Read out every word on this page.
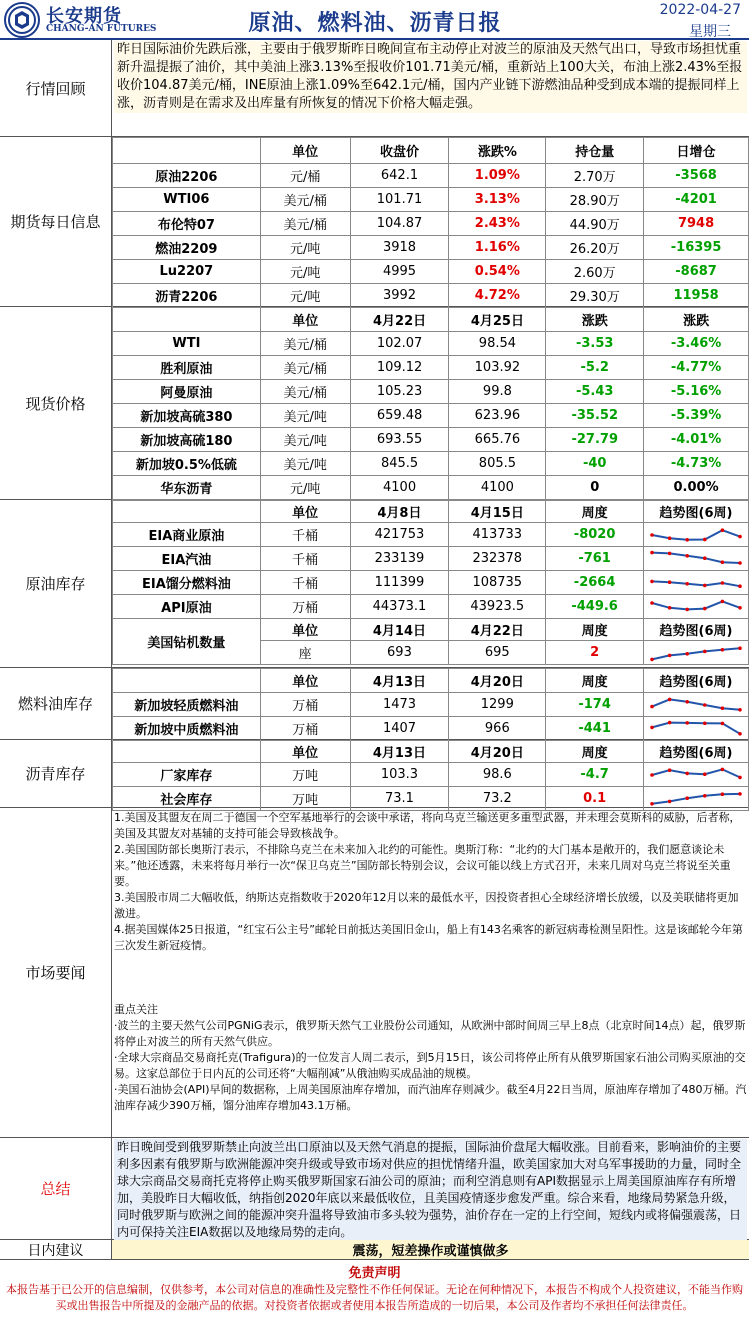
长安期货
CHANG-AN FUTURES	原油、燃料油、沥青日报
2022-04-27
星期三
行情回顾
昨日国际油价先跌后涨，主要由于俄罗斯昨日晚间宣布主动停止对波兰的原油及天然气出口，导致市场担忧重新升温提振了油价，其中美油上涨3.13%至报收价101.71美元/桶，重新站上100大关，布油上涨2.43%至报收价104.87美元/桶，INE原油上涨1.09%至642.1元/桶，国内产业链下游燃油品种受到成本端的提振同样上涨，沥青则是在需求及出库量有所恢复的情况下价格大幅走强。
期货每日信息
	单位	收盘价	涨跌%	持仓量	日增仓
原油2206	元/桶	642.1	1.09%	2.70万	-3568
WTI06	美元/桶	101.71	3.13%	28.90万	-4201
布伦特07	美元/桶	104.87	2.43%	44.90万	7948
燃油2209	元/吨	3918	1.16%	26.20万	-16395
Lu2207	元/吨	4995	0.54%	2.60万	-8687
沥青2206	元/吨	3992	4.72%	29.30万	11958
现货价格
	单位	4月22日	4月25日	涨跌	涨跌
WTI	美元/桶	102.07	98.54	-3.53	-3.46%
胜利原油	美元/桶	109.12	103.92	-5.2	-4.77%
阿曼原油	美元/桶	105.23	99.8	-5.43	-5.16%
新加坡高硫380	美元/吨	659.48	623.96	-35.52	-5.39%
新加坡高硫180	美元/吨	693.55	665.76	-27.79	-4.01%
新加坡0.5%低硫	美元/吨	845.5	805.5	-40	-4.73%
华东沥青	元/吨	4100	4100	0	0.00%
原油库存
	单位	4月8日	4月15日	周度	趋势图(6周)
EIA商业原油	千桶	421753	413733	-8020	

EIA汽油	千桶	233139	232378	-761	

EIA馏分燃料油	千桶	111399	108735	-2664	

API原油	万桶	44373.1	43923.5	-449.6	

美国钻机数量	单位	4月14日	4月22日	周度	趋势图(6周)
	座	693	695	2	
燃料油库存
	单位	4月13日	4月20日	周度	趋势图(6周)
新加坡轻质燃料油	万桶	1473	1299	-174	

新加坡中质燃料油	万桶	1407	966	-441	
沥青库存
	单位	4月13日	4月20日	周度	趋势图(6周)
厂家库存	万吨	103.3	98.6	-4.7	

社会库存	万吨	73.1	73.2	0.1	
市场要闻

1.美国及其盟友在周二于德国一个空军基地举行的会谈中承诺，将向乌克兰输送更多重型武器，并未理会莫斯科的威胁，后者称，美国及其盟友对基辅的支持可能会导致核战争。

2.美国国防部长奥斯汀表示，不排除乌克兰在未来加入北约的可能性。奥斯汀称：“北约的大门基本是敞开的，我们愿意谈论未来。”他还透露，未来将每月举行一次“保卫乌克兰”国防部长特别会议，会议可能以线上方式召开，未来几周对乌克兰将说至关重要。

3.美国股市周二大幅收低，纳斯达克指数收于2020年12月以来的最低水平，因投资者担心全球经济增长放缓，以及美联储将更加激进。

4.据美国媒体25日报道，“红宝石公主号”邮轮日前抵达美国旧金山，船上有143名乘客的新冠病毒检测呈阳性。这是该邮轮今年第三次发生新冠疫情。

重点关注

·波兰的主要天然气公司PGNiG表示，俄罗斯天然气工业股份公司通知，从欧洲中部时间周三早上8点（北京时间14点）起，俄罗斯将停止对波兰的所有天然气供应。

·全球大宗商品交易商托克(Trafigura)的一位发言人周二表示，到5月15日，该公司将停止所有从俄罗斯国家石油公司购买原油的交易。这家总部位于日内瓦的公司还将“大幅削减”从俄油购买成品油的规模。

·美国石油协会(API)早间的数据称，上周美国原油库存增加，而汽油库存则减少。截至4月22日当周，原油库存增加了480万桶。汽油库存减少390万桶，馏分油库存增加43.1万桶。

总结
昨日晚间受到俄罗斯禁止向波兰出口原油以及天然气消息的提振，国际油价盘尾大幅收涨。目前看来，影响油价的主要利多因素有俄罗斯与欧洲能源冲突升级或导致市场对供应的担忧情绪升温，欧美国家加大对乌军事援助的力量，同时全球大宗商品交易商托克将停止购买俄罗斯国家石油公司的原油；而利空消息则有API数据显示上周美国原油库存有所增加，美股昨日大幅收低，纳指创2020年底以来最低收位，且美国疫情逐步愈发严重。综合来看，地缘局势紧急升级，同时俄罗斯与欧洲之间的能源冲突升温将导致油市多头较为强势，油价存在一定的上行空间，短线内或将偏强震荡，日内可保持关注EIA数据以及地缘局势的走向。
日内建议	震荡，短差操作或谨慎做多
免责声明
本报告基于已公开的信息编制，仅供参考，本公司对信息的准确性及完整性不作任何保证。无论在何种情况下，本报告不构成个人投资建议，不能当作购买或出售报告中所提及的金融产品的依据。对投资者依据或者使用本报告所造成的一切后果，本公司及作者均不承担任何法律责任。
